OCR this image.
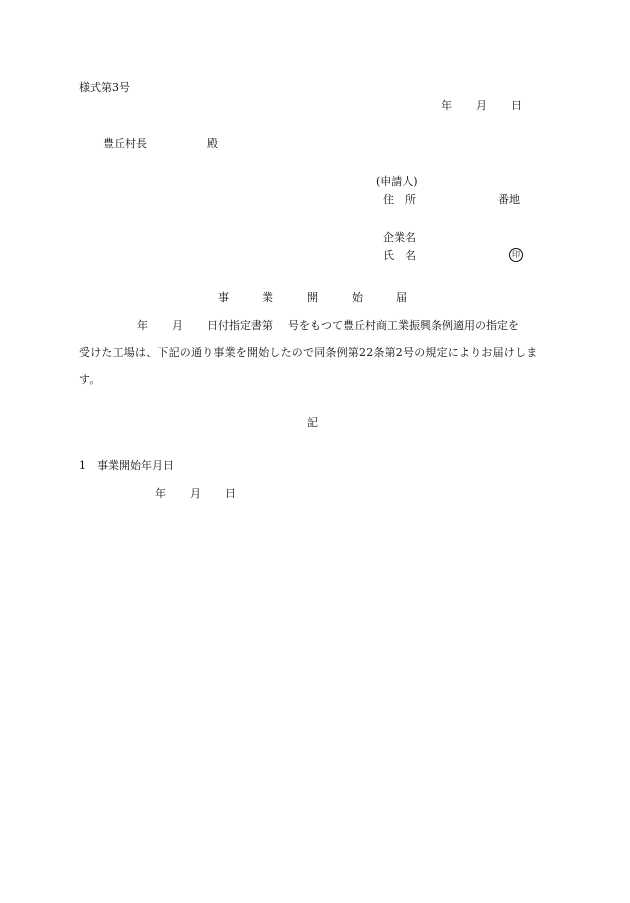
様式第3号
年 月 日
豊丘村長	殿
(申請人)
住　所	番地
企業名
氏　名	印
事	業	開	始	届
年 月 日付指定書第 号をもつて豊丘村商工業振興条例適用の指定を
受けた工場は、下記の通り事業を開始したので同条例第22条第2号の規定によりお届けしま
す。
記
1　事業開始年月日
年 月 日
